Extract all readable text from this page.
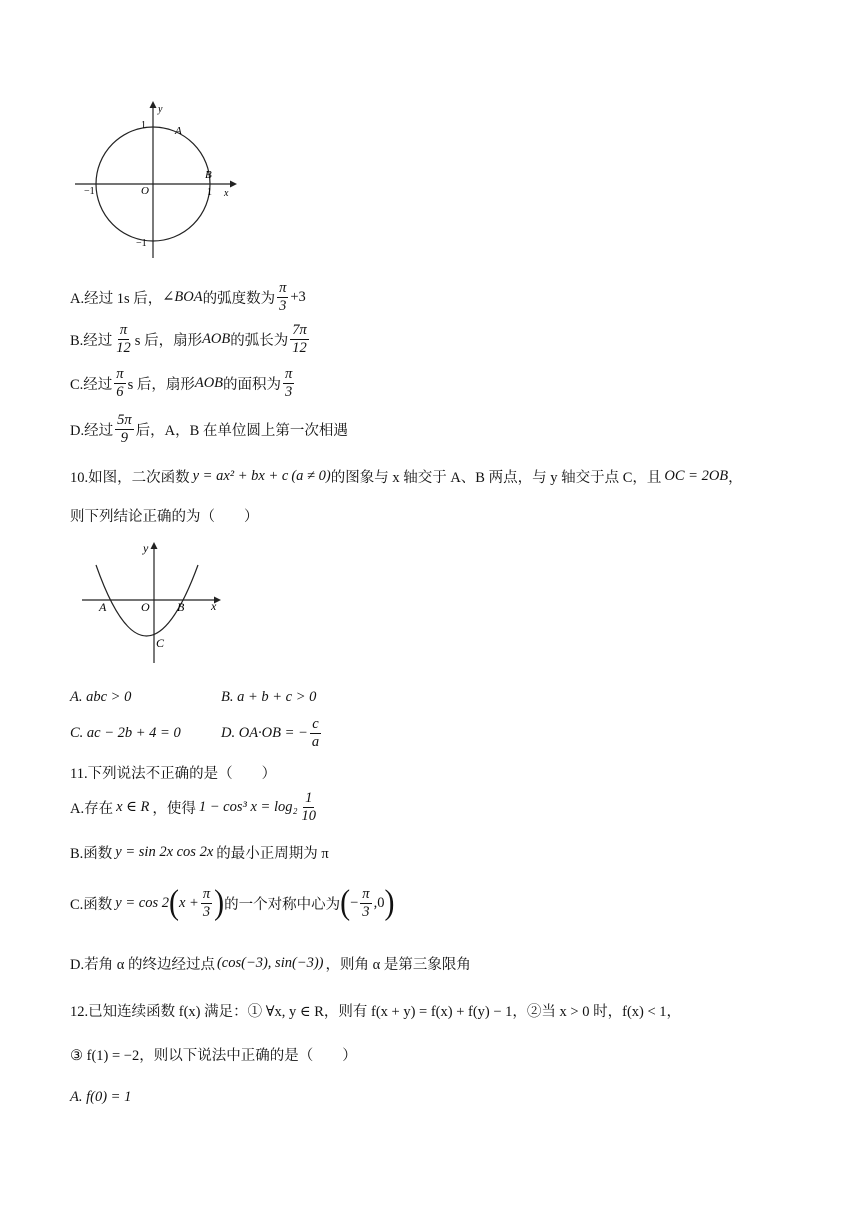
y
x
O
1
−1
−1	1
A
B
A.经过 1s 后， ∠BOA 的弧度数为 $\frac{\pi}{3} +3$
B.经过 $\frac{\pi}{12}$ s 后，扇形 AOB 的弧长为 $\frac{7\pi}{12}$
C.经过 $\frac{\pi}{6}$ s 后，扇形 AOB 的面积为 $\frac{\pi}{3}$
D.经过 $\frac{5\pi}{9}$ 后，A，B 在单位圆上第一次相遇
10.如图，二次函数 y = ax² + bx + c (a ≠ 0) 的图象与 x 轴交于 A、B 两点，与 y 轴交于点 C，且 OC = 2OB ，
则下列结论正确的为（　　）
y
x
O
A	B
C
A. abc > 0	B. a + b + c > 0
C. ac − 2b + 4 = 0	D. OA·OB = − $\frac{c}{a}$
11.下列说法不正确的是（　　）
A.存在 x ∈ R ，使得 1 − cos³ $x = \log_2 \frac{1}{10}$
B.函数 y = sin 2x cos 2x 的最小正周期为 π
C.函数 y = cos 2 ( $x + \frac{\pi}{3}$ ) 的一个对称中心为 ( − $\frac{\pi}{3} ,0$ )
D.若角 α 的终边经过点 (cos(−3), sin(−3)) ，则角 α 是第三象限角
12.已知连续函数 f(x) 满足：① ∀x, y ∈ R，则有 f(x + y) = f(x) + f(y) − 1，②当 x > 0 时，f(x) < 1，
③ f(1) = −2，则以下说法中正确的是（　　）
A. f(0) = 1
